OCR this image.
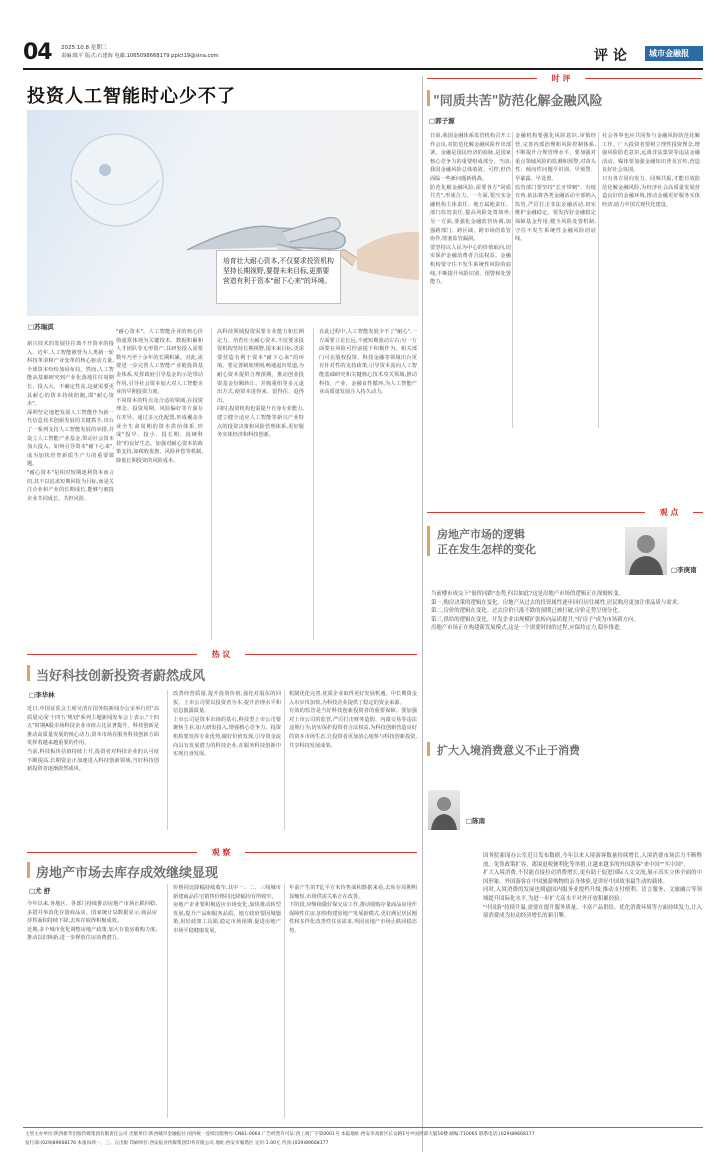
04 2025.10.8 星期三
责编:陈平 版式:石建海 电邮:1065098668179 pplcl19@sina.com	评 论	城市金融报
投资人工智能时心少不了
培育壮大耐心资本,不仅要求投资机构坚持长期视野,要提未来目标,更需要营造有利于资本"耐下心来"的环境。
□苏瑞淇
新兴技术的发展往往离不开资本的投入。近年,人工智能被誉为人类新一轮科技革命和产业变革的核心驱动力量,全球资本纷纷加码布局。然而,人工智能从基础研究到产业化落地往往周期长、投入大、不确定性高,这就需要更具耐心的资本持续陪跑,即"耐心资本"。
深圳坚定地把发展人工智能作为新一代信息技术创新发展的关键抓手,出台了一系列支持人工智能发展的举措,并设立人工智能产业基金,带动社会资本加大投入。如何引导资本"耐下心来",成为加快培育新质生产力的重要课题。
"耐心资本"是相对短期逐利资本而言的,其不以追求短期回报为目标,而是关注企业和产业的长期成长,能够与被投企业共同成长、共担风险。
"耐心资本"。人工智能企业的核心价值通常体现为关键技术、数据积累和人才团队等无形资产,其研发投入需要数年乃至十余年的长期积累。对此,需要进一步完善人工智能产业链投资基金体系,发挥政府引导基金的示范带动作用,引导社会资本加大对人工智能企业的早期投资力度。
不同资本的特点及合适的领域,在投资理念、投资周期、风险偏好等方面存在差异。通过多元化配置,形成覆盖企业全生命周期的资本供给体系,形成"投早、投小、投长期、投硬科技"的良好生态。加强对耐心资本的政策支持,如税收优惠、风险补偿等机制,降低长期投资的风险成本。
高科技领域投资需要专业能力和长期定力。培育壮大耐心资本,不仅要求投资机构坚持长期视野,提未来目标,更需要营造有利于资本"耐下心来"的环境。要完善制度规则,畅通退出渠道,为耐心资本提供合理预期。推动创业投资基金份额转让、并购重组等多元退出方式,使资本进得来、留得住、退得出。
同时,投资机构也需提升自身专业能力,建立健全适应人工智能等新兴产业特点的投资决策和风险管理体系,更好服务实体经济和科技创新。
在此过程中,人工智能发展少不了"耐心",一方面要立足长远,不被短期波动左右;另一方面要在风险可控前提下积极作为。相关部门可在股权投资、科技金融等领域出台更有针对性的支持政策,引导资本流向人工智能基础研究和关键核心技术攻关领域,推动科技、产业、金融良性循环,为人工智能产业高质量发展注入持久动力。
时 评
"同质共苦"防范化解金融风险
□郭子源
日前,我国金融体系监管机构召开工作会议,对防范化解金融风险作出部署。金融是国民经济的血脉,是国家核心竞争力的重要组成部分。当前,我国金融风险总体收敛、可控,但仍面临一些新问题新挑战。
防范化解金融风险,需要各方"同质共苦",形成合力。一方面,要压实金融机构主体责任、地方属地责任、部门监管责任,提高风险处置效率;另一方面,要强化金融监管协调,加强跨部门、跨区域、跨市场的监管协作,堵塞监管漏洞。
要坚持以人民为中心的价值取向,切实保护金融消费者合法权益。金融机构要守住不发生系统性风险的底线,不断提升风险识别、预警和处置能力。
金融机构要强化风险意识,审慎经营,完善内部治理和风险控制体系,不断提升合规管理水平。要加强对重点领域风险的监测和预警,对苗头性、倾向性问题早识别、早预警、早暴露、早处置。
监管部门要坚持"长牙带刺"、有棱有角,依法将各类金融活动全部纳入监管,严厉打击非法金融活动,切实维护金融稳定。要发挥好金融稳定保障基金作用,健全风险处置机制,守住不发生系统性金融风险的底线。
社会各界也应共同参与金融风险防范化解工作。广大投资者要树立理性投资理念,增强风险防范意识,远离非法集资等违法金融活动。媒体要加强金融知识普及宣传,营造良好社会氛围。
只有各方同向发力、同频共振,才能有效防范化解金融风险,为经济社会高质量发展营造良好的金融环境,推动金融更好服务实体经济,助力中国式现代化建设。
观 点
房地产市场的逻辑
正在发生怎样的变化
□李庚南
当前楼市成交下"量价同跌"态势,何以如此?这是房地产市场的逻辑正在深刻转变。
第一,购房决策的逻辑在变化。房地产从过去的投资属性逐步回归居住属性,居民购房更加注重品质与需求。
第二,房价的逻辑在变化。过去房价只涨不跌的预期已被打破,房价走势呈现分化。
第三,供给的逻辑在变化。开发企业由规模扩张转向品质提升,"好房子"成为市场新方向。
房地产市场正在构建新发展模式,这是一个需要时间的过程,应保持定力,稳步推进。
扩大入境消费意义不止于消费
□陈南
国务院新闻办公室近日发布数据,今年以来入境游客数量持续增长,入境消费市场活力不断释放。免签政策扩容、离境退税便利化等举措,让越来越多的外国游客"来中国""买中国"。
扩大入境消费,不仅能直接拉动消费增长,更有助于促进国际人文交流,展示真实立体全面的中国形象。外国游客在中国旅游购物的亲身体验,是讲好中国故事最生动的载体。
同时,入境消费的发展也倒逼国内服务业提档升级,推动支付便利、语言服务、文旅融合等领域提升国际化水平,为进一步扩大高水平对外开放积累经验。
"中国游"持续升温,需要在提升服务质量、丰富产品供给、优化消费环境等方面持续发力,让入境消费成为拉动经济增长的新引擎。
热 议
当好科技创新投资者蔚然成风
□李华林
近日,中国证监会主席吴清在国务院新闻办公室举行的"高质量完成'十四五'规划"系列主题新闻发布会上表示,"十四五"时期A股市场科技企业市值占比显著提升。科技创新是推动高质量发展的核心动力,资本市场在服务科技创新方面发挥着越来越重要的作用。
当前,科技板块估值持续上升,投资者对科技企业的认可度不断提高,长期资金正加速进入科技创新领域,当好科技创新投资者逐渐蔚然成风。
改善经营质量,提升投资价值,强化对股东的回报。上市公司要以投资者为本,提升治理水平和信息披露质量。
上市公司是资本市场的基石,科技型上市公司要聚焦主业,加大研发投入,增强核心竞争力。投资机构要发挥专业优势,做好价值发现,引导资金流向具有发展潜力的科技企业,在服务科技创新中实现自身发展。
机制优化完善,优质企业取得更好发展机遇。中长期资金入市步伐加快,为科技企业提供了稳定的资金来源。
有效的监管是当好科技创新投资者的重要保障。要加强对上市公司的监管,严厉打击财务造假、内幕交易等违法违规行为,切实保护投资者合法权益,为科技创新营造良好的资本市场生态,让投资者更加放心地参与科技创新投资,共享科技发展成果。
观 察
房地产市场去库存成效继续显现
□尤 舒
今年以来,各地区、各部门持续推动房地产市场止跌回稳,多措并举消化存量商品房。国家统计局数据显示,商品房待售面积持续下降,去库存取得积极成效。
近期,多个城市优化调整房地产政策,加大存量房收购力度,推动以旧换新,进一步释放住房消费潜力。
价格同比降幅持续收窄,其中一、二、三线城市新建商品住宅销售价格同比降幅均有所收窄。
房地产企业要积极适应市场变化,加快推动转型发展,提升产品和服务品质。地方政府要因城施策,用好政策工具箱,稳定市场预期,促进房地产市场平稳健康发展。
年前产生的7亿平方米待售面积数据来看,去库存周期明显缩短,市场供需关系正在改善。
下阶段,应继续做好保交房工作,推动收购存量商品房用作保障性住房,加快构建房地产发展新模式,更好满足居民刚性和多样化改善性住房需求,巩固房地产市场止跌回稳态势。
主管主办单位:陕西新华出版传媒集团有限责任公司 出版单位:陕西城市金融报社 国内统一连续出版物号:CN61-0064 广告经营许可证:西工商广字第0001号 本报地址:西安市高新区长安路1号中国西部大厦16楼 邮编:710065 联系电话:(029)89668177
发行部:(029)89668176 本报每周一、三、五出版 印刷单位:西安报业传媒集团印务有限公司 地址:西安市雁塔区 定价:1.00元 传真:(029)89668177
